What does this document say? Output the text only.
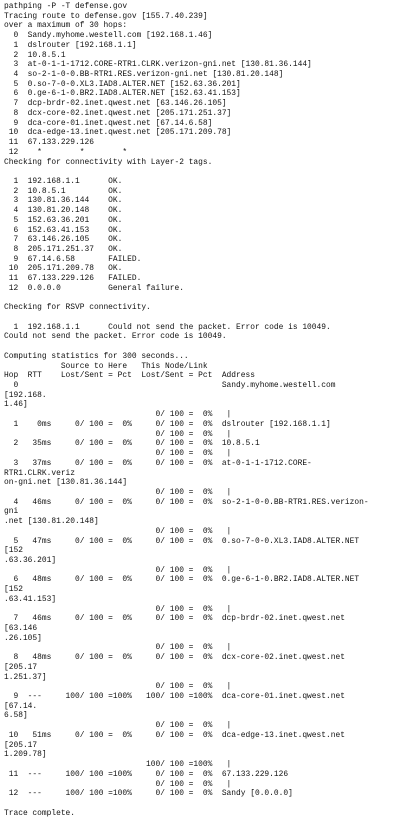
pathping -P -T defense.gov
Tracing route to defense.gov [155.7.40.239]
over a maximum of 30 hops:
0  Sandy.myhome.westell.com [192.168.1.46]
1  dslrouter [192.168.1.1]
2  10.8.5.1
3  at-0-1-1-1712.CORE-RTR1.CLRK.verizon-gni.net [130.81.36.144]
4  so-2-1-0-0.BB-RTR1.RES.verizon-gni.net [130.81.20.148]
5  0.so-7-0-0.XL3.IAD8.ALTER.NET [152.63.36.201]
6  0.ge-6-1-0.BR2.IAD8.ALTER.NET [152.63.41.153]
7  dcp-brdr-02.inet.qwest.net [63.146.26.105]
8  dcx-core-02.inet.qwest.net [205.171.251.37]
9  dca-core-01.inet.qwest.net [67.14.6.58]
10  dca-edge-13.inet.qwest.net [205.171.209.78]
11  67.133.229.126
12    *        *        *
Checking for connectivity with Layer-2 tags.
1  192.168.1.1      OK.
2  10.8.5.1         OK.
3  130.81.36.144    OK.
4  130.81.20.148    OK.
5  152.63.36.201    OK.
6  152.63.41.153    OK.
7  63.146.26.105    OK.
8  205.171.251.37   OK.
9  67.14.6.58       FAILED.
10  205.171.209.78   OK.
11  67.133.229.126   FAILED.
12  0.0.0.0          General failure.
Checking for RSVP connectivity.
1  192.168.1.1      Could not send the packet. Error code is 10049.
Could not send the packet. Error code is 10049.
Computing statistics for 300 seconds...
Source to Here   This Node/Link
Hop  RTT    Lost/Sent = Pct  Lost/Sent = Pct  Address
0                                           Sandy.myhome.westell.com
[192.168.
1.46]
0/ 100 =  0%   |
1    0ms     0/ 100 =  0%     0/ 100 =  0%  dslrouter [192.168.1.1]
0/ 100 =  0%   |
2   35ms     0/ 100 =  0%     0/ 100 =  0%  10.8.5.1
0/ 100 =  0%   |
3   37ms     0/ 100 =  0%     0/ 100 =  0%  at-0-1-1-1712.CORE-
RTR1.CLRK.veriz
on-gni.net [130.81.36.144]
0/ 100 =  0%   |
4   46ms     0/ 100 =  0%     0/ 100 =  0%  so-2-1-0-0.BB-RTR1.RES.verizon-
gni
.net [130.81.20.148]
0/ 100 =  0%   |
5   47ms     0/ 100 =  0%     0/ 100 =  0%  0.so-7-0-0.XL3.IAD8.ALTER.NET
[152
.63.36.201]
0/ 100 =  0%   |
6   48ms     0/ 100 =  0%     0/ 100 =  0%  0.ge-6-1-0.BR2.IAD8.ALTER.NET
[152
.63.41.153]
0/ 100 =  0%   |
7   46ms     0/ 100 =  0%     0/ 100 =  0%  dcp-brdr-02.inet.qwest.net
[63.146
.26.105]
0/ 100 =  0%   |
8   48ms     0/ 100 =  0%     0/ 100 =  0%  dcx-core-02.inet.qwest.net
[205.17
1.251.37]
0/ 100 =  0%   |
9  ---     100/ 100 =100%   100/ 100 =100%  dca-core-01.inet.qwest.net
[67.14.
6.58]
0/ 100 =  0%   |
10   51ms     0/ 100 =  0%     0/ 100 =  0%  dca-edge-13.inet.qwest.net
[205.17
1.209.78]
100/ 100 =100%   |
11  ---     100/ 100 =100%     0/ 100 =  0%  67.133.229.126
0/ 100 =  0%   |
12  ---     100/ 100 =100%     0/ 100 =  0%  Sandy [0.0.0.0]
Trace complete.
